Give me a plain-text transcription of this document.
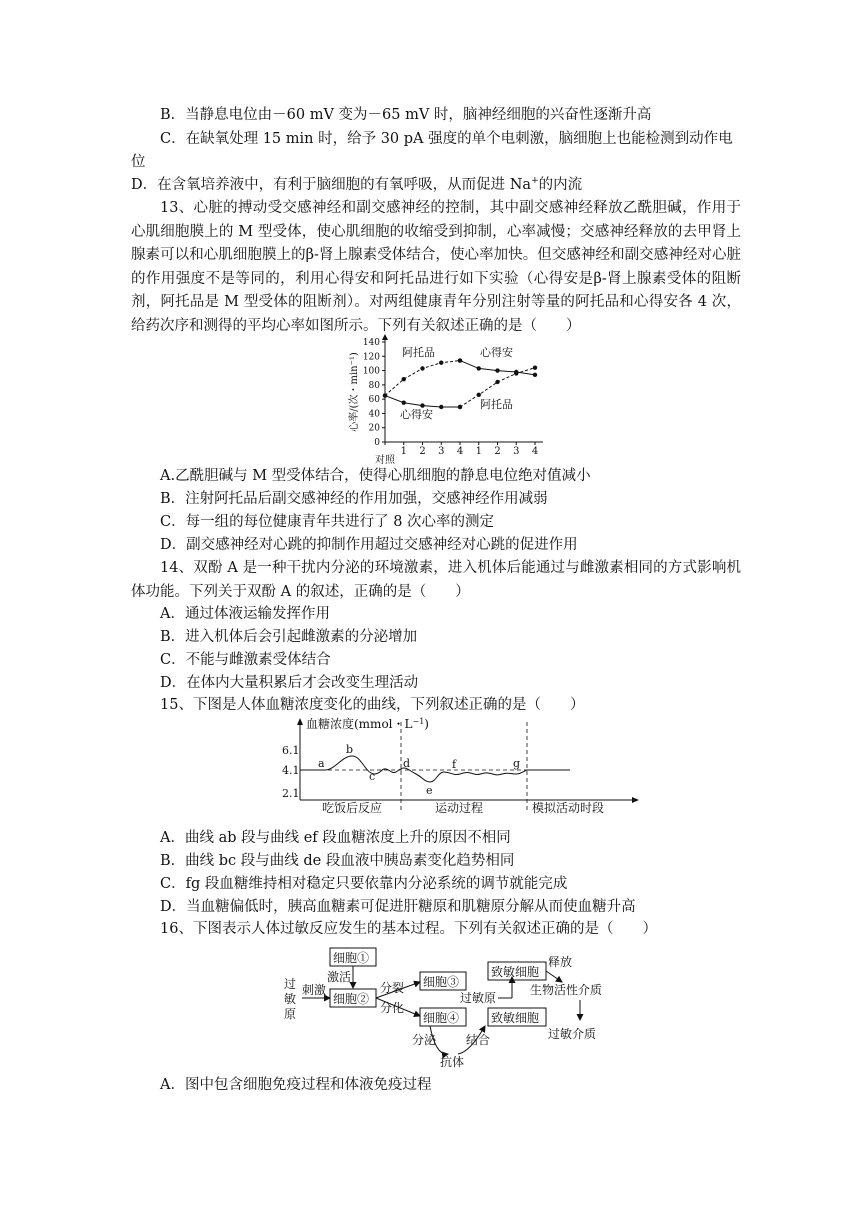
B．当静息电位由－60 mV 变为－65 mV 时，脑神经细胞的兴奋性逐渐升高
C．在缺氧处理 15 min 时，给予 30 pA 强度的单个电刺激，脑细胞上也能检测到动作电
位
D．在含氧培养液中，有利于脑细胞的有氧呼吸，从而促进 Na+的内流
13、心脏的搏动受交感神经和副交感神经的控制，其中副交感神经释放乙酰胆碱，作用于心肌细胞膜上的 M 型受体，使心肌细胞的收缩受到抑制，心率减慢；交感神经释放的去甲肾上腺素可以和心肌细胞膜上的β-肾上腺素受体结合，使心率加快。但交感神经和副交感神经对心脏的作用强度不是等同的，利用心得安和阿托品进行如下实验（心得安是β-肾上腺素受体的阻断剂，阿托品是 M 型受体的阻断剂）。对两组健康青年分别注射等量的阿托品和心得安各 4 次，给药次序和测得的平均心率如图所示。下列有关叙述正确的是（　　）
0
20
40
60
80
100
120
140
对照
1 2 3 4 1 2 3 4
心率/(次・min⁻¹)	阿托品	心得安
心得安
阿托品
A.乙酰胆碱与 M 型受体结合，使得心肌细胞的静息电位绝对值减小
B．注射阿托品后副交感神经的作用加强，交感神经作用减弱
C．每一组的每位健康青年共进行了 8 次心率的测定
D．副交感神经对心跳的抑制作用超过交感神经对心跳的促进作用
14、双酚 A 是一种干扰内分泌的环境激素，进入机体后能通过与雌激素相同的方式影响机体功能。下列关于双酚 A 的叙述，正确的是（　　）
A．通过体液运输发挥作用
B．进入机体后会引起雌激素的分泌增加
C．不能与雌激素受体结合
D．在体内大量积累后才会改变生理活动
15、下图是人体血糖浓度变化的曲线，下列叙述正确的是（　　）
血糖浓度(mmol・$L^{-1}$)
6.1
4.1
2.1
a
b
c
d
e
f	g
吃饭后反应	运动过程	模拟活动时段
A．曲线 ab 段与曲线 ef 段血糖浓度上升的原因不相同
B．曲线 bc 段与曲线 de 段血液中胰岛素变化趋势相同
C．fg 段血糖维持相对稳定只要依靠内分泌系统的调节就能完成
D．当血糖偏低时，胰高血糖素可促进肝糖原和肌糖原分解从而使血糖升高
16、下图表示人体过敏反应发生的基本过程。下列有关叙述正确的是（　　）
过
敏
原
刺激
细胞①
激活
细胞②
分裂
分化
细胞③
细胞④
分泌
抗体
结合
过敏原
致敏细胞
致敏细胞
释放
生物活性介质
过敏介质
A．图中包含细胞免疫过程和体液免疫过程
